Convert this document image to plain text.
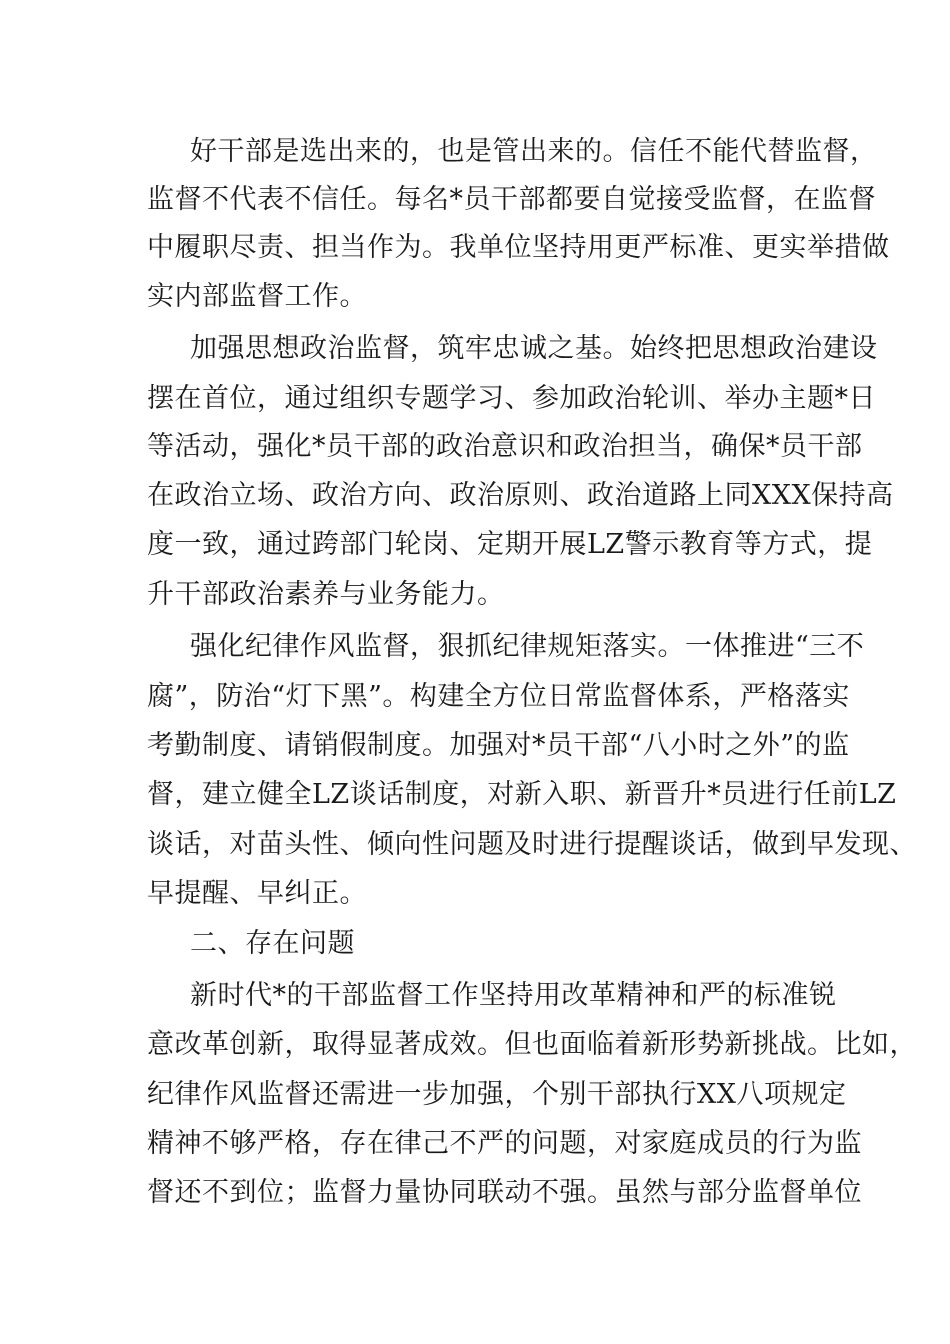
好干部是选出来的，也是管出来的。信任不能代替监督，
监督不代表不信任。每名*员干部都要自觉接受监督，在监督
中履职尽责、担当作为。我单位坚持用更严标准、更实举措做
实内部监督工作。
加强思想政治监督，筑牢忠诚之基。始终把思想政治建设
摆在首位，通过组织专题学习、参加政治轮训、举办主题*日
等活动，强化*员干部的政治意识和政治担当，确保*员干部
在政治立场、政治方向、政治原则、政治道路上同XXX保持高
度一致，通过跨部门轮岗、定期开展LZ警示教育等方式，提
升干部政治素养与业务能力。
强化纪律作风监督，狠抓纪律规矩落实。一体推进“三不
腐”，防治“灯下黑”。构建全方位日常监督体系，严格落实
考勤制度、请销假制度。加强对*员干部“八小时之外”的监
督，建立健全LZ谈话制度，对新入职、新晋升*员进行任前LZ
谈话，对苗头性、倾向性问题及时进行提醒谈话，做到早发现、
早提醒、早纠正。
二、存在问题
新时代*的干部监督工作坚持用改革精神和严的标准锐
意改革创新，取得显著成效。但也面临着新形势新挑战。比如，
纪律作风监督还需进一步加强，个别干部执行XX八项规定
精神不够严格，存在律己不严的问题，对家庭成员的行为监
督还不到位；监督力量协同联动不强。虽然与部分监督单位
